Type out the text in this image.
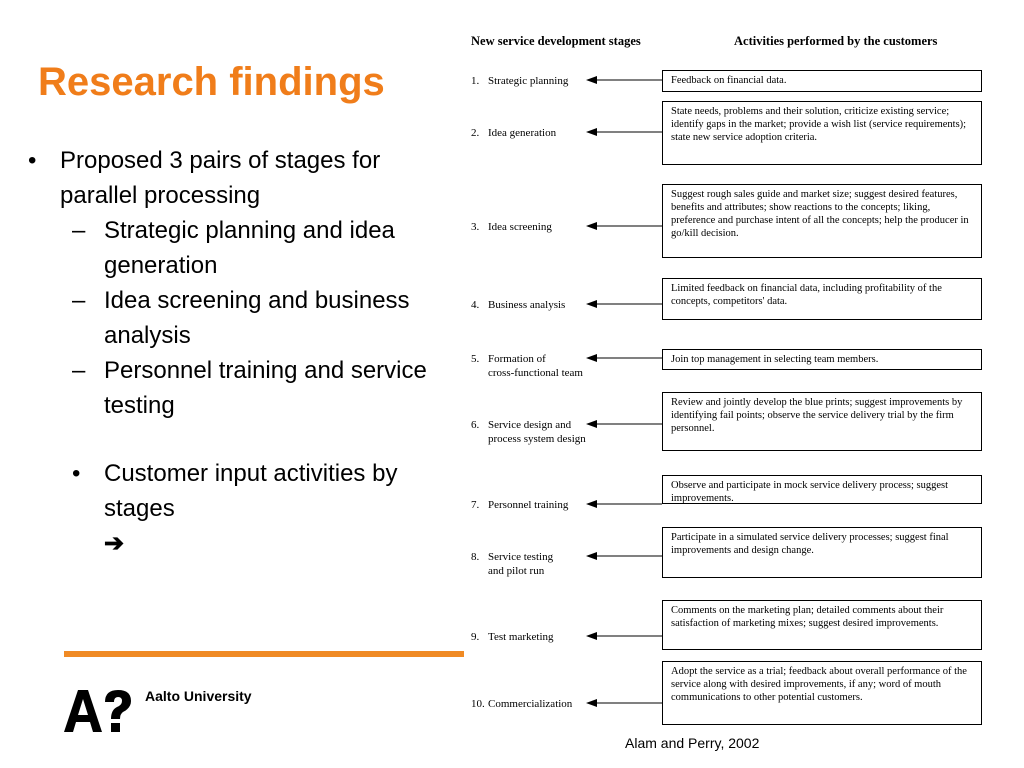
Research findings
• Proposed 3 pairs of stages for parallel processing
– Strategic planning and idea generation
– Idea screening and business analysis
– Personnel training and service testing
• Customer input activities by stages
➔
Aalto University
New service development stages	Activities performed by the customers
1. Strategic planning	Feedback on financial data.
2. Idea generation
State needs, problems and their solution, criticize existing service; identify gaps in the market; provide a wish list (service requirements); state new service adoption criteria.
3. Idea screening
Suggest rough sales guide and market size; suggest desired features, benefits and attributes; show reactions to the concepts; liking, preference and purchase intent of all the concepts; help the producer in go/kill decision.
4. Business analysis
Limited feedback on financial data, including profitability of the concepts, competitors' data.
5. Formation of
cross-functional team
Join top management in selecting team members.
6. Service design and
process system design
Review and jointly develop the blue prints; suggest improvements by identifying fail points; observe the service delivery trial by the firm personnel.
7. Personnel training
Observe and participate in mock service delivery process; suggest improvements.
8. Service testing
and pilot run
Participate in a simulated service delivery processes; suggest final improvements and design change.
9. Test marketing
Comments on the marketing plan; detailed comments about their satisfaction of marketing mixes; suggest desired improvements.
10. Commercialization
Adopt the service as a trial; feedback about overall performance of the service along with desired improvements, if any; word of mouth communications to other potential customers.
Alam and Perry, 2002
